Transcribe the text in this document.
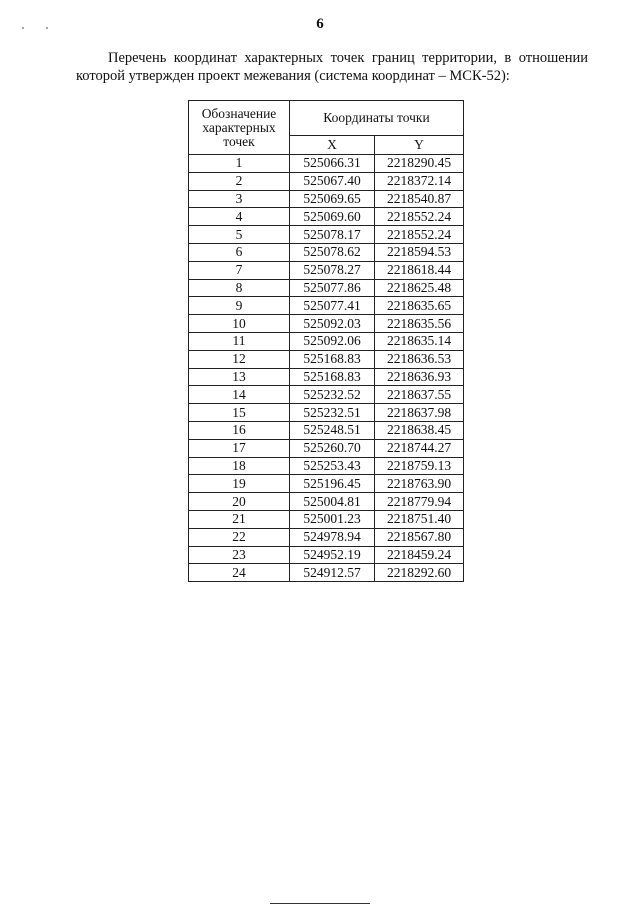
6
Перечень координат характерных точек границ территории, в отношении
которой утвержден проект межевания (система координат – МСК-52):
Обозначение характерных точек	Координаты точки	
	X	Y
1	525066.31	2218290.45
2	525067.40	2218372.14
3	525069.65	2218540.87
4	525069.60	2218552.24
5	525078.17	2218552.24
6	525078.62	2218594.53
7	525078.27	2218618.44
8	525077.86	2218625.48
9	525077.41	2218635.65
10	525092.03	2218635.56
11	525092.06	2218635.14
12	525168.83	2218636.53
13	525168.83	2218636.93
14	525232.52	2218637.55
15	525232.51	2218637.98
16	525248.51	2218638.45
17	525260.70	2218744.27
18	525253.43	2218759.13
19	525196.45	2218763.90
20	525004.81	2218779.94
21	525001.23	2218751.40
22	524978.94	2218567.80
23	524952.19	2218459.24
24	524912.57	2218292.60
